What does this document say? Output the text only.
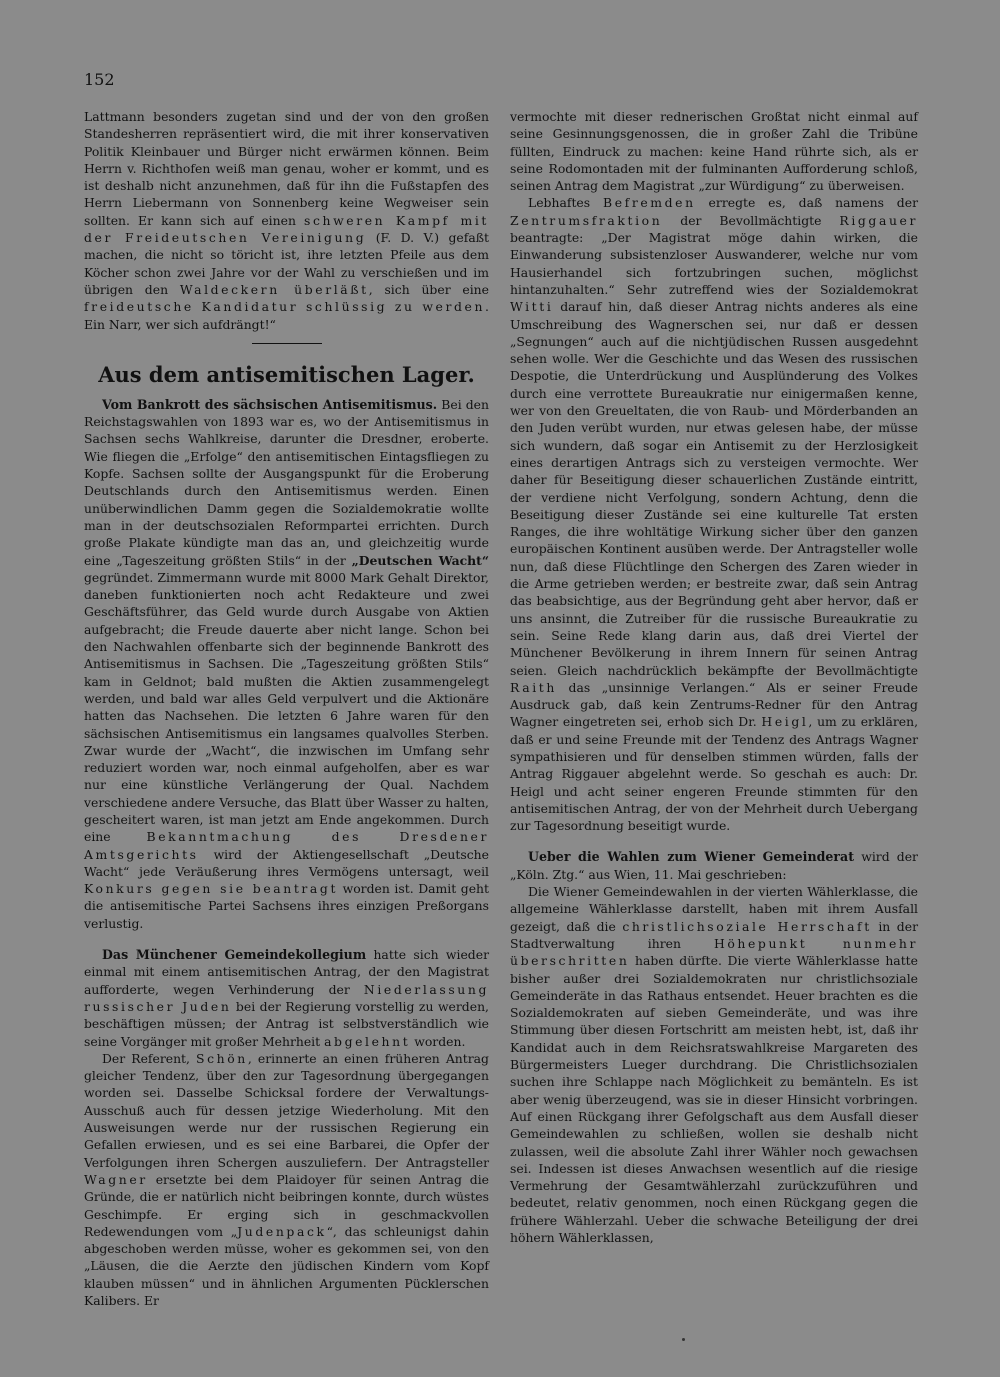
152

Lattmann besonders zugetan sind und der von den großen Standesherren repräsentiert wird, die mit ihrer konservativen Politik Kleinbauer und Bürger nicht erwärmen können. Beim Herrn v. Richthofen weiß man genau, woher er kommt, und es ist deshalb nicht anzunehmen, daß für ihn die Fußstapfen des Herrn Liebermann von Sonnenberg keine Wegweiser sein sollten. Er kann sich auf einen schweren Kampf mit der Freideutschen Vereinigung (F. D. V.) gefaßt machen, die nicht so töricht ist, ihre letzten Pfeile aus dem Köcher schon zwei Jahre vor der Wahl zu verschießen und im übrigen den Waldeckern überläßt, sich über eine freideutsche Kandidatur schlüssig zu werden. Ein Narr, wer sich aufdrängt!“

Aus dem antisemitischen Lager.

Vom Bankrott des sächsischen Antisemitismus. Bei den Reichstagswahlen von 1893 war es, wo der Antisemitismus in Sachsen sechs Wahlkreise, darunter die Dresdner, eroberte. Wie fliegen die „Erfolge“ den antisemitischen Eintagsfliegen zu Kopfe. Sachsen sollte der Ausgangspunkt für die Eroberung Deutschlands durch den Antisemitismus werden. Einen unüberwindlichen Damm gegen die Sozialdemokratie wollte man in der deutschsozialen Reformpartei errichten. Durch große Plakate kündigte man das an, und gleichzeitig wurde eine „Tageszeitung größten Stils“ in der „Deutschen Wacht“ gegründet. Zimmermann wurde mit 8000 Mark Gehalt Direktor, daneben funktionierten noch acht Redakteure und zwei Geschäftsführer, das Geld wurde durch Ausgabe von Aktien aufgebracht; die Freude dauerte aber nicht lange. Schon bei den Nachwahlen offenbarte sich der beginnende Bankrott des Antisemitismus in Sachsen. Die „Tageszeitung größten Stils“ kam in Geldnot; bald mußten die Aktien zusammengelegt werden, und bald war alles Geld verpulvert und die Aktionäre hatten das Nachsehen. Die letzten 6 Jahre waren für den sächsischen Antisemitismus ein langsames qualvolles Sterben. Zwar wurde der „Wacht“, die inzwischen im Umfang sehr reduziert worden war, noch einmal aufgeholfen, aber es war nur eine künstliche Verlängerung der Qual. Nachdem verschiedene andere Versuche, das Blatt über Wasser zu halten, gescheitert waren, ist man jetzt am Ende angekommen. Durch eine Bekanntmachung des Dresdener Amtsgerichts wird der Aktiengesellschaft „Deutsche Wacht“ jede Veräußerung ihres Vermögens untersagt, weil Konkurs gegen sie beantragt worden ist. Damit geht die antisemitische Partei Sachsens ihres einzigen Preßorgans verlustig.

Das Münchener Gemeindekollegium hatte sich wieder einmal mit einem antisemitischen Antrag, der den Magistrat aufforderte, wegen Verhinderung der Niederlassung russischer Juden bei der Regierung vorstellig zu werden, beschäftigen müssen; der Antrag ist selbstverständlich wie seine Vorgänger mit großer Mehrheit abgelehnt worden.

Der Referent, Schön, erinnerte an einen früheren Antrag gleicher Tendenz, über den zur Tagesordnung übergegangen worden sei. Dasselbe Schicksal fordere der Verwaltungs-Ausschuß auch für dessen jetzige Wiederholung. Mit den Ausweisungen werde nur der russischen Regierung ein Gefallen erwiesen, und es sei eine Barbarei, die Opfer der Verfolgungen ihren Schergen auszuliefern. Der Antragsteller Wagner ersetzte bei dem Plaidoyer für seinen Antrag die Gründe, die er natürlich nicht beibringen konnte, durch wüstes Geschimpfe. Er erging sich in geschmackvollen Redewendungen vom „Judenpack“, das schleunigst dahin abgeschoben werden müsse, woher es gekommen sei, von den „Läusen, die die Aerzte den jüdischen Kindern vom Kopf klauben müssen“ und in ähnlichen Argumenten Pücklerschen Kalibers. Er

vermochte mit dieser rednerischen Großtat nicht einmal auf seine Gesinnungsgenossen, die in großer Zahl die Tribüne füllten, Eindruck zu machen: keine Hand rührte sich, als er seine Rodomontaden mit der fulminanten Aufforderung schloß, seinen Antrag dem Magistrat „zur Würdigung“ zu überweisen.

Lebhaftes Befremden erregte es, daß namens der Zentrumsfraktion der Bevollmächtigte Riggauer beantragte: „Der Magistrat möge dahin wirken, die Einwanderung subsistenzloser Auswanderer, welche nur vom Hausierhandel sich fortzubringen suchen, möglichst hintanzuhalten.“ Sehr zutreffend wies der Sozialdemokrat Witti darauf hin, daß dieser Antrag nichts anderes als eine Umschreibung des Wagnerschen sei, nur daß er dessen „Segnungen“ auch auf die nichtjüdischen Russen ausgedehnt sehen wolle. Wer die Geschichte und das Wesen des russischen Despotie, die Unterdrückung und Ausplünderung des Volkes durch eine verrottete Bureaukratie nur einigermaßen kenne, wer von den Greueltaten, die von Raub- und Mörderbanden an den Juden verübt wurden, nur etwas gelesen habe, der müsse sich wundern, daß sogar ein Antisemit zu der Herzlosigkeit eines derartigen Antrags sich zu versteigen vermochte. Wer daher für Beseitigung dieser schauerlichen Zustände eintritt, der verdiene nicht Verfolgung, sondern Achtung, denn die Beseitigung dieser Zustände sei eine kulturelle Tat ersten Ranges, die ihre wohltätige Wirkung sicher über den ganzen europäischen Kontinent ausüben werde. Der Antragsteller wolle nun, daß diese Flüchtlinge den Schergen des Zaren wieder in die Arme getrieben werden; er bestreite zwar, daß sein Antrag das beabsichtige, aus der Begründung geht aber hervor, daß er uns ansinnt, die Zutreiber für die russische Bureaukratie zu sein. Seine Rede klang darin aus, daß drei Viertel der Münchener Bevölkerung in ihrem Innern für seinen Antrag seien. Gleich nachdrücklich bekämpfte der Bevollmächtigte Raith das „unsinnige Verlangen.“ Als er seiner Freude Ausdruck gab, daß kein Zentrums-Redner für den Antrag Wagner eingetreten sei, erhob sich Dr. Heigl, um zu erklären, daß er und seine Freunde mit der Tendenz des Antrags Wagner sympathisieren und für denselben stimmen würden, falls der Antrag Riggauer abgelehnt werde. So geschah es auch: Dr. Heigl und acht seiner engeren Freunde stimmten für den antisemitischen Antrag, der von der Mehrheit durch Uebergang zur Tagesordnung beseitigt wurde.

Ueber die Wahlen zum Wiener Gemeinderat wird der „Köln. Ztg.“ aus Wien, 11. Mai geschrieben:

Die Wiener Gemeindewahlen in der vierten Wählerklasse, die allgemeine Wählerklasse darstellt, haben mit ihrem Ausfall gezeigt, daß die christlichsoziale Herrschaft in der Stadtverwaltung ihren Höhepunkt nunmehr überschritten haben dürfte. Die vierte Wählerklasse hatte bisher außer drei Sozialdemokraten nur christlichsoziale Gemeinderäte in das Rathaus entsendet. Heuer brachten es die Sozialdemokraten auf sieben Gemeinderäte, und was ihre Stimmung über diesen Fortschritt am meisten hebt, ist, daß ihr Kandidat auch in dem Reichsratswahlkreise Margareten des Bürgermeisters Lueger durchdrang. Die Christlichsozialen suchen ihre Schlappe nach Möglichkeit zu bemänteln. Es ist aber wenig überzeugend, was sie in dieser Hinsicht vorbringen. Auf einen Rückgang ihrer Gefolgschaft aus dem Ausfall dieser Gemeindewahlen zu schließen, wollen sie deshalb nicht zulassen, weil die absolute Zahl ihrer Wähler noch gewachsen sei. Indessen ist dieses Anwachsen wesentlich auf die riesige Vermehrung der Gesamtwählerzahl zurückzuführen und bedeutet, relativ genommen, noch einen Rückgang gegen die frühere Wählerzahl. Ueber die schwache Beteiligung der drei höhern Wählerklassen,
